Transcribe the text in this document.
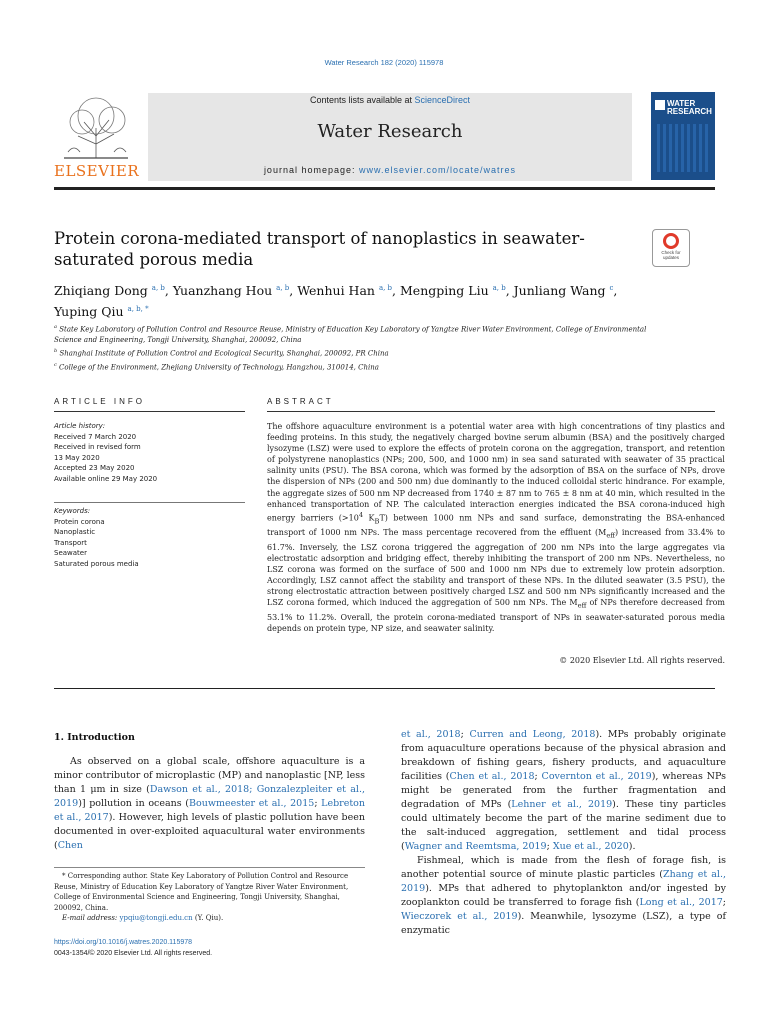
Water Research 182 (2020) 115978
ELSEVIER
Contents lists available at ScienceDirect
Water Research
journal homepage: www.elsevier.com/locate/watres
WATER RESEARCH
Protein corona-mediated transport of nanoplastics in seawater-saturated porous media	Check for updates
Zhiqiang Dong $^{a, b}$, Yuanzhang Hou $^{a, b}$, Wenhui Han $^{a, b}$, Mengping Liu $^{a, b}$, Junliang Wang $^c$, Yuping Qiu $^{a, b, *}$
$^a$ State Key Laboratory of Pollution Control and Resource Reuse, Ministry of Education Key Laboratory of Yangtze River Water Environment, College of Environmental Science and Engineering, Tongji University, Shanghai, 200092, China
$^b$ Shanghai Institute of Pollution Control and Ecological Security, Shanghai, 200092, PR China
$^c$ College of the Environment, Zhejiang University of Technology, Hangzhou, 310014, China
ARTICLE INFO	ABSTRACT
Article history:
Received 7 March 2020
Received in revised form
13 May 2020
Accepted 23 May 2020
Available online 29 May 2020
Keywords:
Protein corona
Nanoplastic
Transport
Seawater
Saturated porous media
The offshore aquaculture environment is a potential water area with high concentrations of tiny plastics and feeding proteins. In this study, the negatively charged bovine serum albumin (BSA) and the positively charged lysozyme (LSZ) were used to explore the effects of protein corona on the aggregation, transport, and retention of polystyrene nanoplastics (NPs; 200, 500, and 1000 nm) in sea sand saturated with seawater of 35 practical salinity units (PSU). The BSA corona, which was formed by the adsorption of BSA on the surface of NPs, drove the dispersion of NPs (200 and 500 nm) due dominantly to the induced colloidal steric hindrance. For example, the aggregate sizes of 500 nm NP decreased from 1740 ± 87 nm to 765 ± 8 nm at 40 min, which resulted in the enhanced transportation of NP. The calculated interaction energies indicated the BSA corona-induced high energy barriers ($>10^4$ $K_BT$) between 1000 nm NPs and sand surface, demonstrating the BSA-enhanced transport of 1000 nm NPs. The mass percentage recovered from the effluent $(M_{eff})$ increased from 33.4% to 61.7%. Inversely, the LSZ corona triggered the aggregation of 200 nm NPs into the large aggregates via electrostatic adsorption and bridging effect, thereby inhibiting the transport of 200 nm NPs. Nevertheless, no LSZ corona was formed on the surface of 500 and 1000 nm NPs due to extremely low protein adsorption. Accordingly, LSZ cannot affect the stability and transport of these NPs. In the diluted seawater (3.5 PSU), the strong electrostatic attraction between positively charged LSZ and 500 nm NPs significantly increased and the LSZ corona formed, which induced the aggregation of 500 nm NPs. The $M_{eff}$ of NPs therefore decreased from 53.1% to 11.2%. Overall, the protein corona-mediated transport of NPs in seawater-saturated porous media depends on protein type, NP size, and seawater salinity.
© 2020 Elsevier Ltd. All rights reserved.
1. Introduction
As observed on a global scale, offshore aquaculture is a minor contributor of microplastic (MP) and nanoplastic [NP, less than 1 μm in size (Dawson et al., 2018; Gonzalezpleiter et al., 2019)] pollution in oceans (Bouwmeester et al., 2015; Lebreton et al., 2017). However, high levels of plastic pollution have been documented in over-exploited aquacultural water environments (Chen

et al., 2018; Curren and Leong, 2018). MPs probably originate from aquaculture operations because of the physical abrasion and breakdown of fishing gears, fishery products, and aquaculture facilities (Chen et al., 2018; Covernton et al., 2019), whereas NPs might be generated from the further fragmentation and degradation of MPs (Lehner et al., 2019). These tiny particles could ultimately become the part of the marine sediment due to the salt-induced aggregation, settlement and tidal process (Wagner and Reemtsma, 2019; Xue et al., 2020).

Fishmeal, which is made from the flesh of forage fish, is another potential source of minute plastic particles (Zhang et al., 2019). MPs that adhered to phytoplankton and/or ingested by zooplankton could be transferred to forage fish (Long et al., 2017; Wieczorek et al., 2019). Meanwhile, lysozyme (LSZ), a type of enzymatic

* Corresponding author. State Key Laboratory of Pollution Control and Resource Reuse, Ministry of Education Key Laboratory of Yangtze River Water Environment, College of Environmental Science and Engineering, Tongji University, Shanghai, 200092, China.
E-mail address: ypqiu@tongji.edu.cn (Y. Qiu).
https://doi.org/10.1016/j.watres.2020.115978
0043-1354/© 2020 Elsevier Ltd. All rights reserved.
